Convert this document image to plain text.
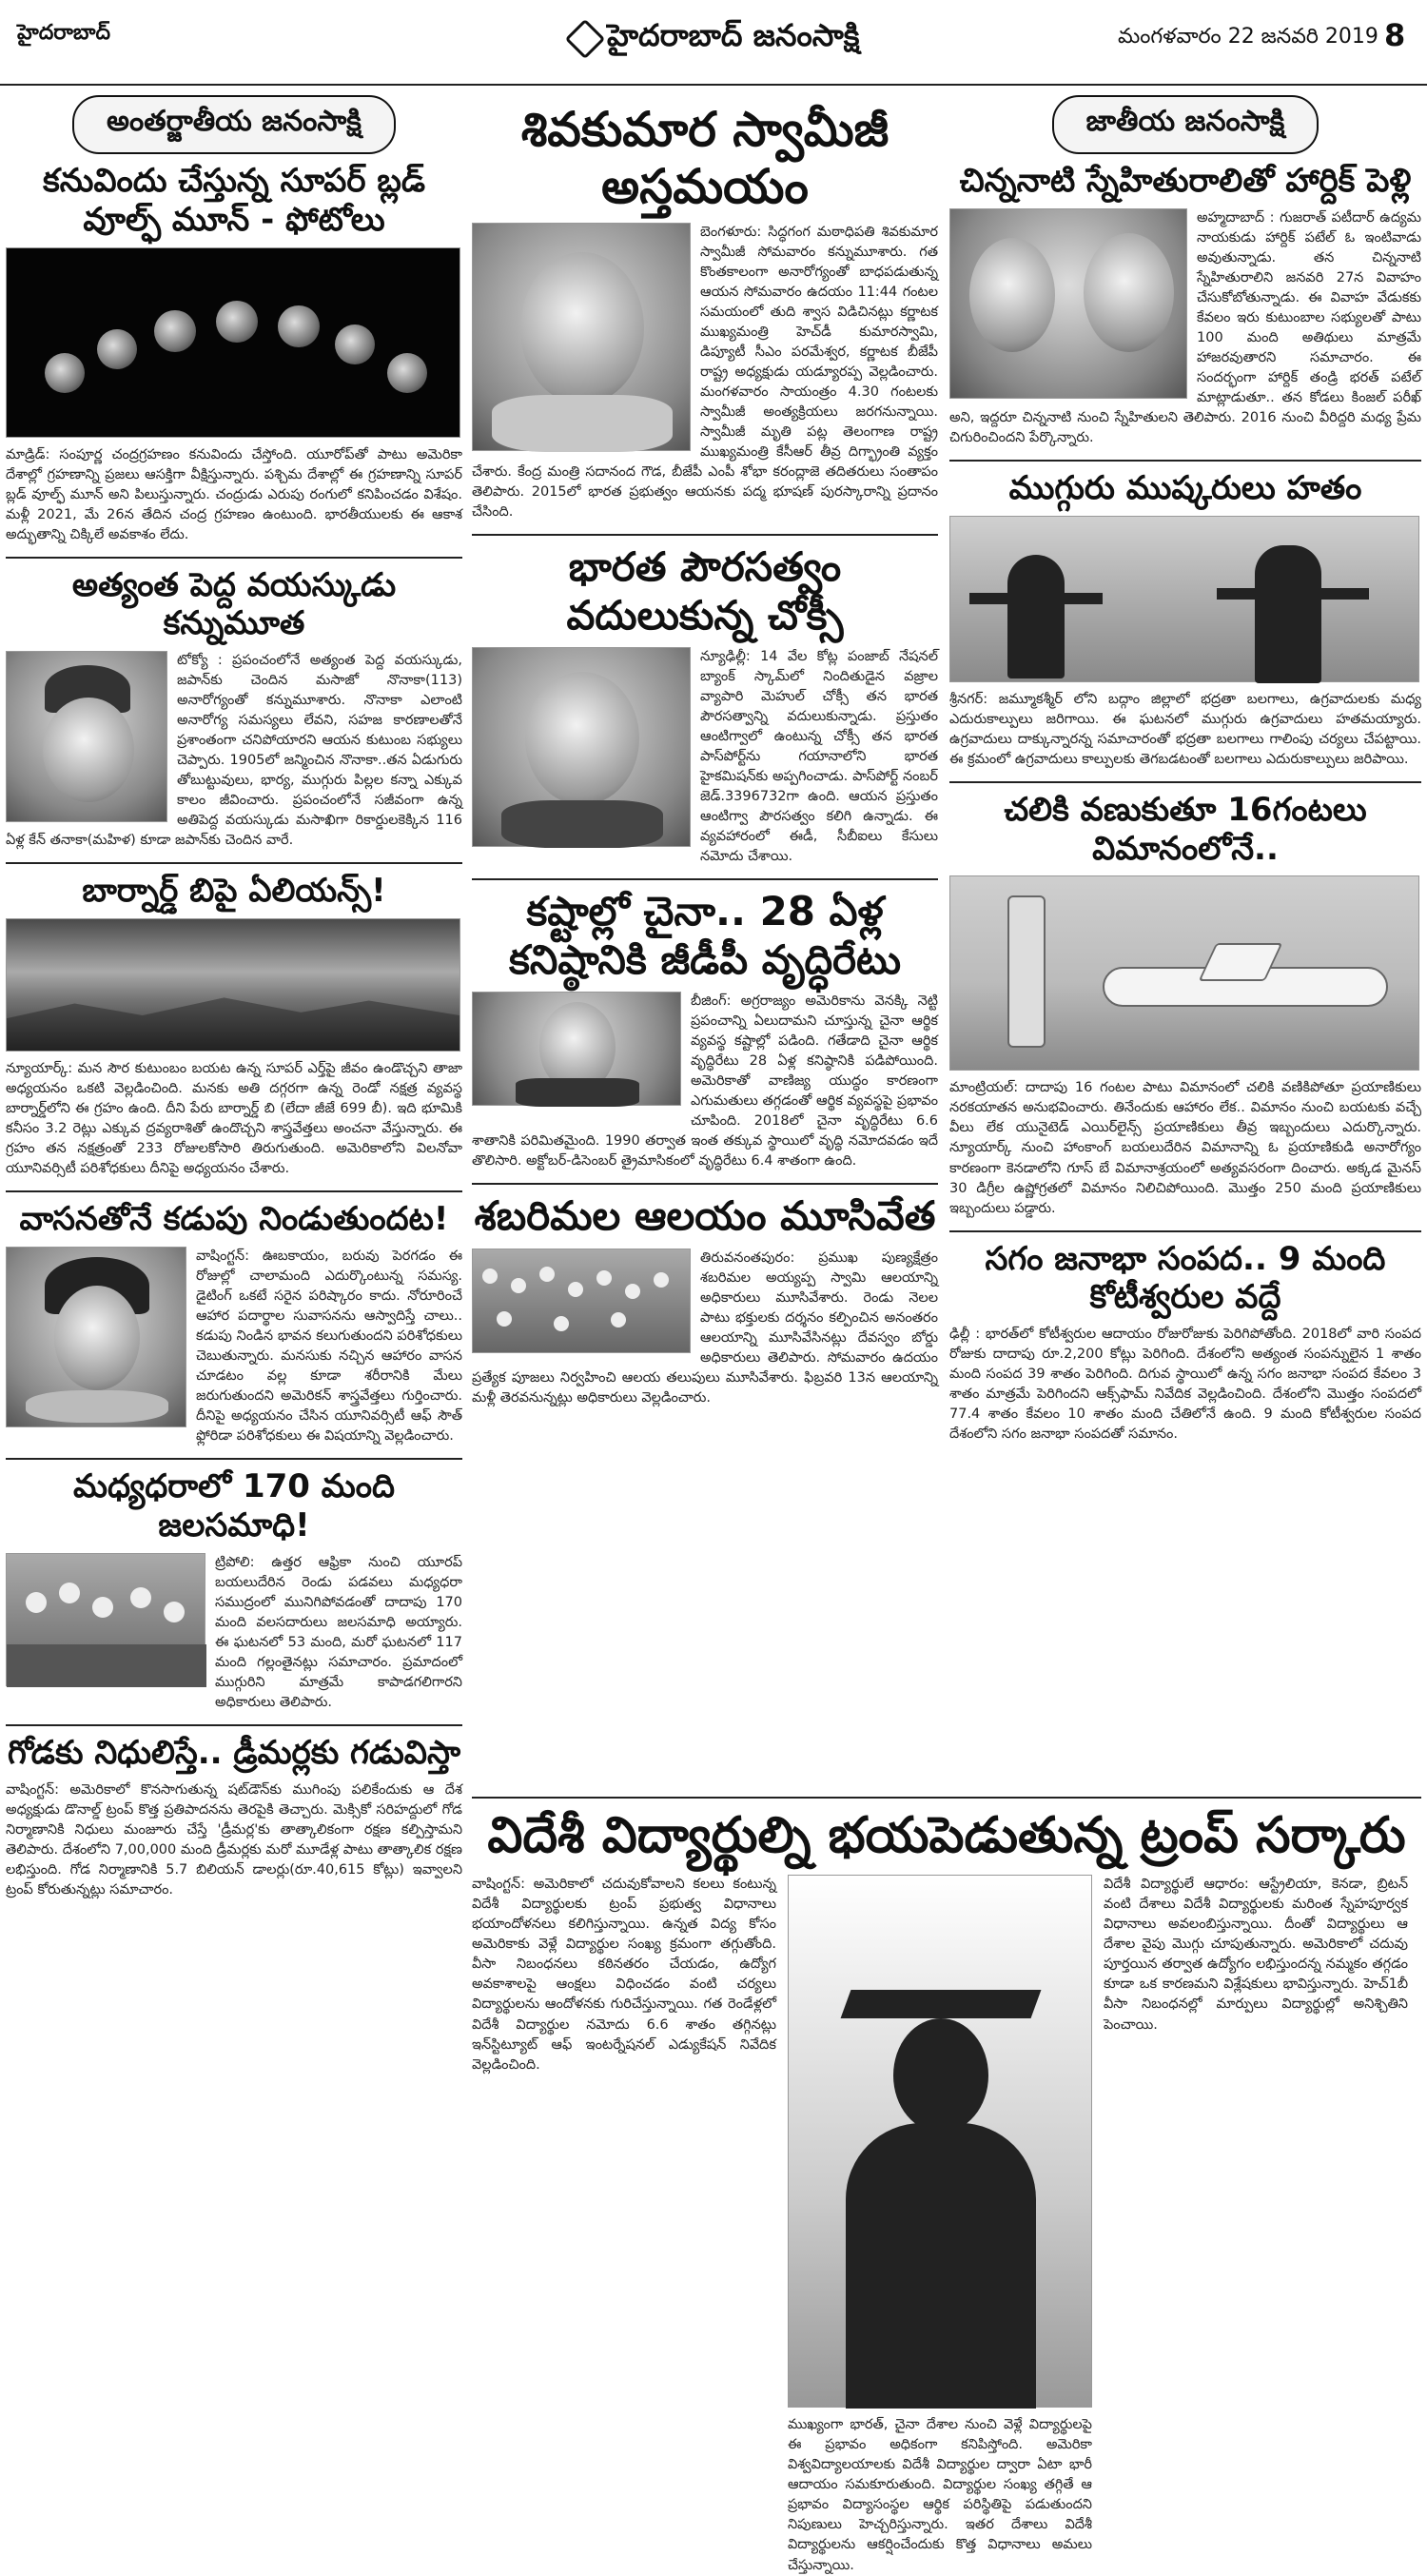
హైదరాబాద్	హైదరాబాద్ జనంసాక్షి	మంగళవారం 22 జనవరి 2019 8
అంతర్జాతీయ జనంసాక్షి
కనువిందు చేస్తున్న సూపర్ బ్లడ్ వూల్ఫ్ మూన్ - ఫోటోలు

మాడ్రిడ్: సంపూర్ణ చంద్రగ్రహణం కనువిందు చేస్తోంది. యూరోప్‌తో పాటు అమెరికా దేశాల్లో గ్రహణాన్ని ప్రజలు ఆసక్తిగా వీక్షిస్తున్నారు. పశ్చిమ దేశాల్లో ఈ గ్రహణాన్ని సూపర్ బ్లడ్ వూల్ఫ్ మూన్ అని పిలుస్తున్నారు. చంద్రుడు ఎరుపు రంగులో కనిపించడం విశేషం. మళ్లీ 2021, మే 26న తేదిన చంద్ర గ్రహణం ఉంటుంది. భారతీయులకు ఈ ఆకాశ అద్భుతాన్ని చిక్కిలే అవకాశం లేదు.

అత్యంత పెద్ద వయస్కుడు కన్నుమూత

టోక్యో : ప్రపంచంలోనే అత్యంత పెద్ద వయస్కుడు, జపాన్‌కు చెందిన మసాజో నొనాకా(113) అనారోగ్యంతో కన్నుమూశారు. నొనాకా ఎలాంటి అనారోగ్య సమస్యలు లేవని, సహజ కారణాలతోనే ప్రశాంతంగా చనిపోయారని ఆయన కుటుంబ సభ్యులు చెప్పారు. 1905లో జన్మించిన నొనాకా..తన ఏడుగురు తోబుట్టువులు, భార్య, ముగ్గురు పిల్లల కన్నా ఎక్కువ కాలం జీవించారు. ప్రపంచంలోనే సజీవంగా ఉన్న అతిపెద్ద వయస్కుడు మసాఖిగా రికార్డులకెక్కిన 116 ఏళ్ల కేన్ తనాకా(మహిళ) కూడా జపాన్‌కు చెందిన వారే.

బార్నార్డ్ బిపై ఏలియన్స్!

న్యూయార్క్: మన సౌర కుటుంబం బయట ఉన్న సూపర్ ఎర్త్‌పై జీవం ఉండొచ్చని తాజా అధ్యయనం ఒకటి వెల్లడించింది. మనకు అతి దగ్గరగా ఉన్న రెండో నక్షత్ర వ్యవస్థ బార్నార్డ్‌లోని ఈ గ్రహం ఉంది. దీని పేరు బార్నార్డ్ బి (లేదా జీజే 699 బీ). ఇది భూమికి కనీసం 3.2 రెట్లు ఎక్కువ ద్రవ్యరాశితో ఉందొచ్చని శాస్త్రవేత్తలు అంచనా వేస్తున్నారు. ఈ గ్రహం తన నక్షత్రంతో 233 రోజులకోసారి తిరుగుతుంది. అమెరికాలోని విలనోవా యూనివర్సిటీ పరిశోధకులు దీనిపై అధ్యయనం చేశారు.

వాసనతోనే కడుపు నిండుతుందట!

వాషింగ్టన్: ఊబకాయం, బరువు పెరగడం ఈ రోజుల్లో చాలామంది ఎదుర్కొంటున్న సమస్య. డైటింగ్ ఒకటే సరైన పరిష్కారం కాదు. నోరూరించే ఆహార పదార్థాల సువాసనను ఆస్వాదిస్తే చాలు.. కడుపు నిండిన భావన కలుగుతుందని పరిశోధకులు చెబుతున్నారు. మనసుకు నచ్చిన ఆహారం వాసన చూడటం వల్ల కూడా శరీరానికి మేలు జరుగుతుందని అమెరికన్ శాస్త్రవేత్తలు గుర్తించారు. దీనిపై అధ్యయనం చేసిన యూనివర్సిటీ ఆఫ్ సౌత్ ఫ్లోరిడా పరిశోధకులు ఈ విషయాన్ని వెల్లడించారు.

మధ్యధరాలో 170 మంది జలసమాధి!

ట్రిపోలి: ఉత్తర ఆఫ్రికా నుంచి యూరప్ బయలుదేరిన రెండు పడవలు మధ్యధరా సముద్రంలో మునిగిపోవడంతో దాదాపు 170 మంది వలసదారులు జలసమాధి అయ్యారు. ఈ ఘటనలో 53 మంది, మరో ఘటనలో 117 మంది గల్లంతైనట్లు సమాచారం. ప్రమాదంలో ముగ్గురిని మాత్రమే కాపాడగలిగారని అధికారులు తెలిపారు.

గోడకు నిధులిస్తే.. డ్రీమర్లకు గడువిస్తా

వాషింగ్టన్: అమెరికాలో కొనసాగుతున్న షట్‌డౌన్‌కు ముగింపు పలికేందుకు ఆ దేశ అధ్యక్షుడు డొనాల్డ్ ట్రంప్ కొత్త ప్రతిపాదనను తెరపైకి తెచ్చారు. మెక్సికో సరిహద్దులో గోడ నిర్మాణానికి నిధులు మంజూరు చేస్తే 'డ్రీమర్ల'కు తాత్కాలికంగా రక్షణ కల్పిస్తామని తెలిపారు. దేశంలోని 7,00,000 మంది డ్రీమర్లకు మరో మూడేళ్ల పాటు తాత్కాలిక రక్షణ లభిస్తుంది. గోడ నిర్మాణానికి 5.7 బిలియన్ డాలర్లు(రూ.40,615 కోట్లు) ఇవ్వాలని ట్రంప్ కోరుతున్నట్లు సమాచారం.

శివకుమార స్వామీజీ అస్తమయం

బెంగళూరు: సిద్ధగంగ మఠాధిపతి శివకుమార స్వామీజీ సోమవారం కన్నుమూశారు. గత కొంతకాలంగా అనారోగ్యంతో బాధపడుతున్న ఆయన సోమవారం ఉదయం 11:44 గంటల సమయంలో తుది శ్వాస విడిచినట్లు కర్ణాటక ముఖ్యమంత్రి హెచ్‌డీ కుమారస్వామి, డిప్యూటీ సీఎం పరమేశ్వర, కర్ణాటక బీజేపీ రాష్ట్ర అధ్యక్షుడు యడ్యూరప్ప వెల్లడించారు. మంగళవారం సాయంత్రం 4.30 గంటలకు స్వామీజీ అంత్యక్రియలు జరగనున్నాయి. స్వామీజీ మృతి పట్ల తెలంగాణ రాష్ట్ర ముఖ్యమంత్రి కేసీఆర్ తీవ్ర దిగ్భ్రాంతి వ్యక్తం చేశారు. కేంద్ర మంత్రి సదానంద గౌడ, బీజేపీ ఎంపీ శోభా కరంద్లాజె తదితరులు సంతాపం తెలిపారు. 2015లో భారత ప్రభుత్వం ఆయనకు పద్మ భూషణ్ పురస్కారాన్ని ప్రదానం చేసింది.

భారత పౌరసత్వం వదులుకున్న చోక్సీ

న్యూఢిల్లీ: 14 వేల కోట్ల పంజాబ్ నేషనల్ బ్యాంక్ స్కామ్‌లో నిందితుడైన వజ్రాల వ్యాపారి మెహుల్ చోక్సీ తన భారత పౌరసత్వాన్ని వదులుకున్నాడు. ప్రస్తుతం ఆంటిగ్వాలో ఉంటున్న చోక్సీ తన భారత పాస్‌పోర్ట్‌ను గయానాలోని భారత హైకమిషన్‌కు అప్పగించాడు. పాస్‌పోర్ట్ నంబర్ జెడ్.3396732గా ఉంది. ఆయన ప్రస్తుతం ఆంటిగ్వా పౌరసత్వం కలిగి ఉన్నాడు. ఈ వ్యవహారంలో ఈడీ, సీబీఐలు కేసులు నమోదు చేశాయి.

కష్టాల్లో చైనా.. 28 ఏళ్ల కనిష్ఠానికి జీడీపీ వృద్ధిరేటు

బీజింగ్: అగ్రరాజ్యం అమెరికాను వెనక్కి నెట్టి ప్రపంచాన్ని ఏలుదామని చూస్తున్న చైనా ఆర్థిక వ్యవస్థ కష్టాల్లో పడింది. గతేడాది చైనా ఆర్థిక వృద్ధిరేటు 28 ఏళ్ల కనిష్ఠానికి పడిపోయింది. అమెరికాతో వాణిజ్య యుద్ధం కారణంగా ఎగుమతులు తగ్గడంతో ఆర్థిక వ్యవస్థపై ప్రభావం చూపింది. 2018లో చైనా వృద్ధిరేటు 6.6 శాతానికి పరిమితమైంది. 1990 తర్వాత ఇంత తక్కువ స్థాయిలో వృద్ధి నమోదవడం ఇదే తొలిసారి. అక్టోబర్-డిసెంబర్ త్రైమాసికంలో వృద్ధిరేటు 6.4 శాతంగా ఉంది.

శబరిమల ఆలయం మూసివేత

తిరువనంతపురం: ప్రముఖ పుణ్యక్షేత్రం శబరిమల అయ్యప్ప స్వామి ఆలయాన్ని అధికారులు మూసివేశారు. రెండు నెలల పాటు భక్తులకు దర్శనం కల్పించిన అనంతరం ఆలయాన్ని మూసివేసినట్లు దేవస్వం బోర్డు అధికారులు తెలిపారు. సోమవారం ఉదయం ప్రత్యేక పూజలు నిర్వహించి ఆలయ తలుపులు మూసివేశారు. ఫిబ్రవరి 13న ఆలయాన్ని మళ్లీ తెరవనున్నట్లు అధికారులు వెల్లడించారు.

జాతీయ జనంసాక్షి
చిన్ననాటి స్నేహితురాలితో హార్దిక్ పెళ్లి

అహ్మదాబాద్ : గుజరాత్ పటీదార్ ఉద్యమ నాయకుడు హార్దిక్ పటేల్ ఓ ఇంటివాడు అవుతున్నాడు. తన చిన్ననాటి స్నేహితురాలిని జనవరి 27న వివాహం చేసుకోబోతున్నాడు. ఈ వివాహ వేడుకకు కేవలం ఇరు కుటుంబాల సభ్యులతో పాటు 100 మంది అతిథులు మాత్రమే హాజరవుతారని సమాచారం. ఈ సందర్భంగా హార్దిక్ తండ్రి భరత్ పటేల్ మాట్లాడుతూ.. తన కోడలు కింజల్ పరీఖ్ అని, ఇద్దరూ చిన్ననాటి నుంచి స్నేహితులని తెలిపారు. 2016 నుంచి వీరిద్దరి మధ్య ప్రేమ చిగురించిందని పేర్కొన్నారు.

ముగ్గురు ముష్కరులు హతం

శ్రీనగర్: జమ్మూకశ్మీర్ లోని బద్గాం జిల్లాలో భద్రతా బలగాలు, ఉగ్రవాదులకు మధ్య ఎదురుకాల్పులు జరిగాయి. ఈ ఘటనలో ముగ్గురు ఉగ్రవాదులు హతమయ్యారు. ఉగ్రవాదులు దాక్కున్నారన్న సమాచారంతో భద్రతా బలగాలు గాలింపు చర్యలు చేపట్టాయి. ఈ క్రమంలో ఉగ్రవాదులు కాల్పులకు తెగబడటంతో బలగాలు ఎదురుకాల్పులు జరిపాయి.

చలికి వణుకుతూ 16గంటలు విమానంలోనే..

మాంట్రియల్: దాదాపు 16 గంటల పాటు విమానంలో చలికి వణికిపోతూ ప్రయాణికులు నరకయాతన అనుభవించారు. తినేందుకు ఆహారం లేక.. విమానం నుంచి బయటకు వచ్చే వీలు లేక యునైటెడ్ ఎయిర్‌లైన్స్ ప్రయాణికులు తీవ్ర ఇబ్బందులు ఎదుర్కొన్నారు. న్యూయార్క్ నుంచి హాంకాంగ్ బయలుదేరిన విమానాన్ని ఓ ప్రయాణికుడి అనారోగ్యం కారణంగా కెనడాలోని గూస్ బే విమానాశ్రయంలో అత్యవసరంగా దించారు. అక్కడ మైనస్ 30 డిగ్రీల ఉష్ణోగ్రతలో విమానం నిలిచిపోయింది. మొత్తం 250 మంది ప్రయాణికులు ఇబ్బందులు పడ్డారు.

సగం జనాభా సంపద.. 9 మంది కోటీశ్వరుల వద్దే

ఢిల్లీ : భారత్‌లో కోటీశ్వరుల ఆదాయం రోజురోజుకు పెరిగిపోతోంది. 2018లో వారి సంపద రోజుకు దాదాపు రూ.2,200 కోట్లు పెరిగింది. దేశంలోని అత్యంత సంపన్నులైన 1 శాతం మంది సంపద 39 శాతం పెరిగింది. దిగువ స్థాయిలో ఉన్న సగం జనాభా సంపద కేవలం 3 శాతం మాత్రమే పెరిగిందని ఆక్స్‌ఫామ్ నివేదిక వెల్లడించింది. దేశంలోని మొత్తం సంపదలో 77.4 శాతం కేవలం 10 శాతం మంది చేతిలోనే ఉంది. 9 మంది కోటీశ్వరుల సంపద దేశంలోని సగం జనాభా సంపదతో సమానం.

విదేశీ విద్యార్థుల్ని భయపెడుతున్న ట్రంప్ సర్కారు

వాషింగ్టన్: అమెరికాలో చదువుకోవాలని కలలు కంటున్న విదేశీ విద్యార్థులకు ట్రంప్ ప్రభుత్వ విధానాలు భయాందోళనలు కలిగిస్తున్నాయి. ఉన్నత విద్య కోసం అమెరికాకు వెళ్లే విద్యార్థుల సంఖ్య క్రమంగా తగ్గుతోంది. వీసా నిబంధనలు కఠినతరం చేయడం, ఉద్యోగ అవకాశాలపై ఆంక్షలు విధించడం వంటి చర్యలు విద్యార్థులను ఆందోళనకు గురిచేస్తున్నాయి. గత రెండేళ్లలో విదేశీ విద్యార్థుల నమోదు 6.6 శాతం తగ్గినట్లు ఇన్‌స్టిట్యూట్ ఆఫ్ ఇంటర్నేషనల్ ఎడ్యుకేషన్ నివేదిక వెల్లడించింది.

ముఖ్యంగా భారత్, చైనా దేశాల నుంచి వెళ్లే విద్యార్థులపై ఈ ప్రభావం అధికంగా కనిపిస్తోంది. అమెరికా విశ్వవిద్యాలయాలకు విదేశీ విద్యార్థుల ద్వారా ఏటా భారీ ఆదాయం సమకూరుతుంది. విద్యార్థుల సంఖ్య తగ్గితే ఆ ప్రభావం విద్యాసంస్థల ఆర్థిక పరిస్థితిపై పడుతుందని నిపుణులు హెచ్చరిస్తున్నారు. ఇతర దేశాలు విదేశీ విద్యార్థులను ఆకర్షించేందుకు కొత్త విధానాలు అమలు చేస్తున్నాయి.

విదేశీ విద్యార్థులే ఆధారం: ఆస్ట్రేలియా, కెనడా, బ్రిటన్ వంటి దేశాలు విదేశీ విద్యార్థులకు మరింత స్నేహపూర్వక విధానాలు అవలంబిస్తున్నాయి. దీంతో విద్యార్థులు ఆ దేశాల వైపు మొగ్గు చూపుతున్నారు. అమెరికాలో చదువు పూర్తయిన తర్వాత ఉద్యోగం లభిస్తుందన్న నమ్మకం తగ్గడం కూడా ఒక కారణమని విశ్లేషకులు భావిస్తున్నారు. హెచ్1బీ వీసా నిబంధనల్లో మార్పులు విద్యార్థుల్లో అనిశ్చితిని పెంచాయి.
